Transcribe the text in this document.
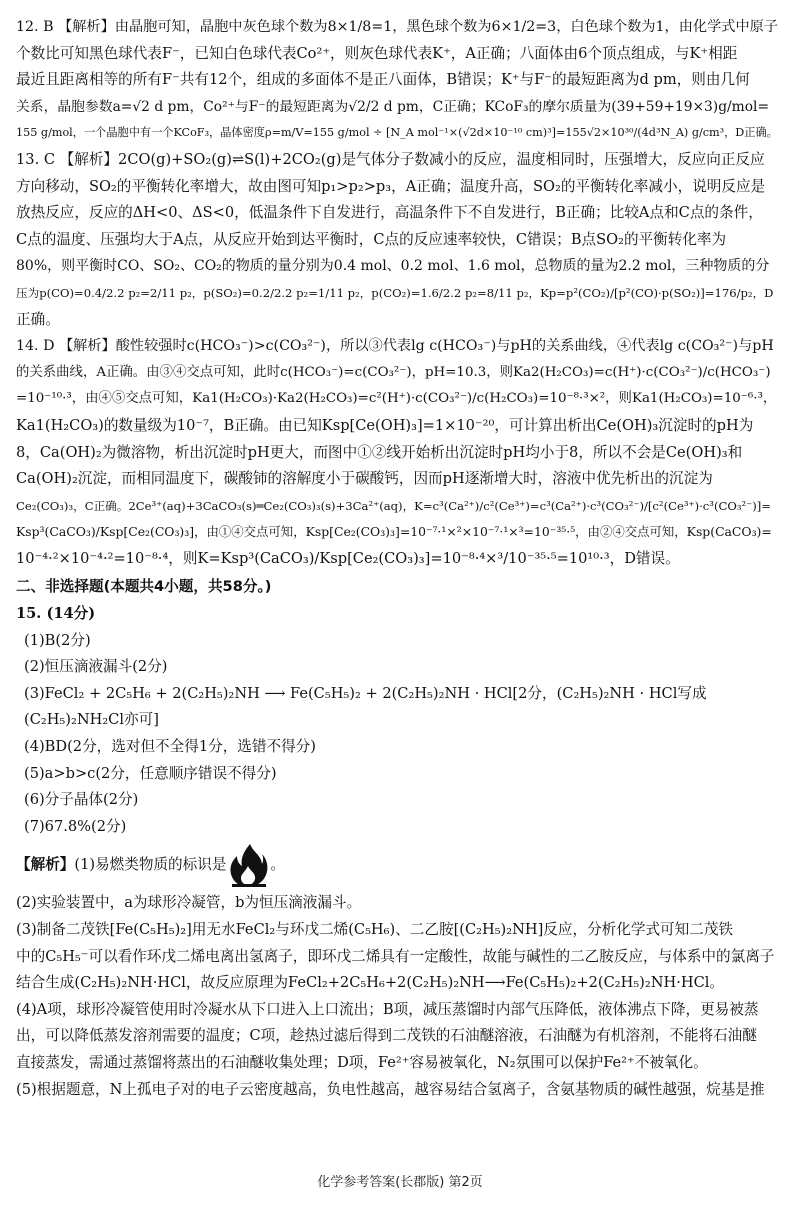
12. B 【解析】由晶胞可知，晶胞中灰色球个数为8×1/8=1，黑色球个数为6×1/2=3，白色球个数为1，由化学式中原子
个数比可知黑色球代表F⁻，已知白色球代表Co²⁺，则灰色球代表K⁺，A正确；八面体由6个顶点组成，与K⁺相距
最近且距离相等的所有F⁻共有12个，组成的多面体不是正八面体，B错误；K⁺与F⁻的最短距离为d pm，则由几何
关系，晶胞参数a=√2 d pm，Co²⁺与F⁻的最短距离为√2/2 d pm，C正确；KCoF₃的摩尔质量为(39+59+19×3)g/mol=
155 g/mol，一个晶胞中有一个KCoF₃，晶体密度ρ=m/V=155 g/mol ÷ [N_A mol⁻¹×(√2d×10⁻¹⁰ cm)³]=155√2×10³⁰/(4d³N_A) g/cm³，D正确。
13. C 【解析】2CO(g)+SO₂(g)⇌S(l)+2CO₂(g)是气体分子数减小的反应，温度相同时，压强增大，反应向正反应
方向移动，SO₂的平衡转化率增大，故由图可知p₁>p₂>p₃，A正确；温度升高，SO₂的平衡转化率减小，说明反应是
放热反应，反应的ΔH<0、ΔS<0，低温条件下自发进行，高温条件下不自发进行，B正确；比较A点和C点的条件，
C点的温度、压强均大于A点，从反应开始到达平衡时，C点的反应速率较快，C错误；B点SO₂的平衡转化率为
80%，则平衡时CO、SO₂、CO₂的物质的量分别为0.4 mol、0.2 mol、1.6 mol，总物质的量为2.2 mol，三种物质的分
压为p(CO)=0.4/2.2 p₂=2/11 p₂，p(SO₂)=0.2/2.2 p₂=1/11 p₂，p(CO₂)=1.6/2.2 p₂=8/11 p₂，Kp=p²(CO₂)/[p²(CO)·p(SO₂)]=176/p₂，D
正确。
14. D 【解析】酸性较强时c(HCO₃⁻)>c(CO₃²⁻)，所以③代表lg c(HCO₃⁻)与pH的关系曲线，④代表lg c(CO₃²⁻)与pH
的关系曲线，A正确。由③④交点可知，此时c(HCO₃⁻)=c(CO₃²⁻)，pH=10.3，则Ka2(H₂CO₃)=c(H⁺)·c(CO₃²⁻)/c(HCO₃⁻)
=10⁻¹⁰·³，由④⑤交点可知，Ka1(H₂CO₃)·Ka2(H₂CO₃)=c²(H⁺)·c(CO₃²⁻)/c(H₂CO₃)=10⁻⁸·³×²，则Ka1(H₂CO₃)=10⁻⁶·³，
Ka1(H₂CO₃)的数量级为10⁻⁷，B正确。由已知Ksp[Ce(OH)₃]=1×10⁻²⁰，可计算出析出Ce(OH)₃沉淀时的pH为
8，Ca(OH)₂为微溶物，析出沉淀时pH更大，而图中①②线开始析出沉淀时pH均小于8，所以不会是Ce(OH)₃和
Ca(OH)₂沉淀，而相同温度下，碳酸铈的溶解度小于碳酸钙，因而pH逐渐增大时，溶液中优先析出的沉淀为
Ce₂(CO₃)₃，C正确。2Ce³⁺(aq)+3CaCO₃(s)═Ce₂(CO₃)₃(s)+3Ca²⁺(aq)，K=c³(Ca²⁺)/c²(Ce³⁺)=c³(Ca²⁺)·c³(CO₃²⁻)/[c²(Ce³⁺)·c³(CO₃²⁻)]=
Ksp³(CaCO₃)/Ksp[Ce₂(CO₃)₃]，由①④交点可知，Ksp[Ce₂(CO₃)₃]=10⁻⁷·¹×²×10⁻⁷·¹×³=10⁻³⁵·⁵，由②④交点可知，Ksp(CaCO₃)=
10⁻⁴·²×10⁻⁴·²=10⁻⁸·⁴，则K=Ksp³(CaCO₃)/Ksp[Ce₂(CO₃)₃]=10⁻⁸·⁴×³/10⁻³⁵·⁵=10¹⁰·³，D错误。
二、非选择题(本题共4小题，共58分。)
15. (14分)
(1)B(2分)
(2)恒压滴液漏斗(2分)
(3)FeCl₂ + 2C₅H₆ + 2(C₂H₅)₂NH ⟶ Fe(C₅H₅)₂ + 2(C₂H₅)₂NH · HCl[2分，(C₂H₅)₂NH · HCl写成
(C₂H₅)₂NH₂Cl亦可]
(4)BD(2分，选对但不全得1分，选错不得分)
(5)a>b>c(2分，任意顺序错误不得分)
(6)分子晶体(2分)
(7)67.8%(2分)
【解析】 (1)易燃类物质的标识是	。
(2)实验装置中，a为球形冷凝管，b为恒压滴液漏斗。
(3)制备二茂铁[Fe(C₅H₅)₂]用无水FeCl₂与环戊二烯(C₅H₆)、二乙胺[(C₂H₅)₂NH]反应，分析化学式可知二茂铁
中的C₅H₅⁻可以看作环戊二烯电离出氢离子，即环戊二烯具有一定酸性，故能与碱性的二乙胺反应，与体系中的氯离子
结合生成(C₂H₅)₂NH·HCl，故反应原理为FeCl₂+2C₅H₆+2(C₂H₅)₂NH⟶Fe(C₅H₅)₂+2(C₂H₅)₂NH·HCl。
(4)A项，球形冷凝管使用时冷凝水从下口进入上口流出；B项，减压蒸馏时内部气压降低，液体沸点下降，更易被蒸
出，可以降低蒸发溶剂需要的温度；C项，趁热过滤后得到二茂铁的石油醚溶液，石油醚为有机溶剂，不能将石油醚
直接蒸发，需通过蒸馏将蒸出的石油醚收集处理；D项，Fe²⁺容易被氧化，N₂氛围可以保护Fe²⁺不被氧化。
(5)根据题意，N上孤电子对的电子云密度越高，负电性越高，越容易结合氢离子，含氨基物质的碱性越强，烷基是推
化学参考答案(长郡版) 第2页
